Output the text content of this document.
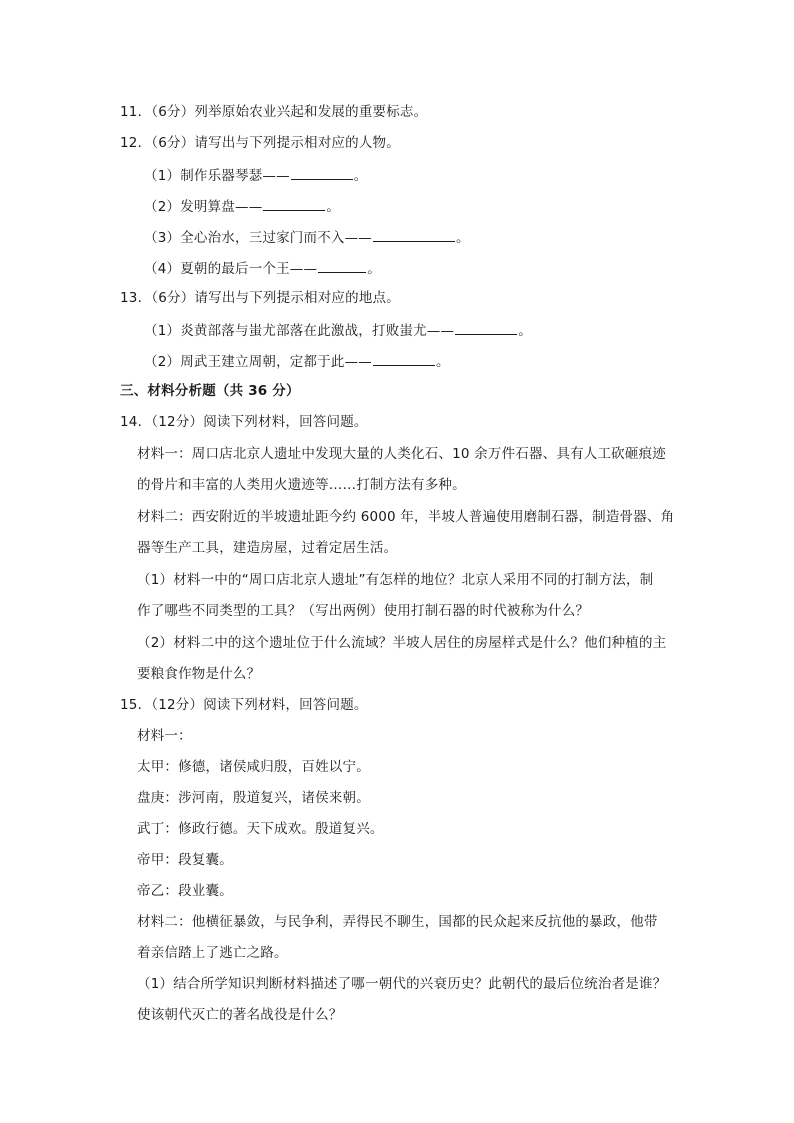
11．（6分）列举原始农业兴起和发展的重要标志。
12．（6分）请写出与下列提示相对应的人物。
（1）制作乐器琴瑟——	。
（2）发明算盘——	。
（3）全心治水，三过家门而不入——	。
（4）夏朝的最后一个王——	。
13．（6分）请写出与下列提示相对应的地点。
（1）炎黄部落与蚩尤部落在此激战，打败蚩尤——	。
（2）周武王建立周朝，定都于此——	。
三、材料分析题（共 36 分）
14．（12分）阅读下列材料，回答问题。
材料一：周口店北京人遗址中发现大量的人类化石、10 余万件石器、具有人工砍砸痕迹
的骨片和丰富的人类用火遗迹等……打制方法有多种。
材料二：西安附近的半坡遗址距今约 6000 年，半坡人普遍使用磨制石器，制造骨器、角
器等生产工具，建造房屋，过着定居生活。
（1）材料一中的“周口店北京人遗址”有怎样的地位？北京人采用不同的打制方法，制
作了哪些不同类型的工具？（写出两例）使用打制石器的时代被称为什么？
（2）材料二中的这个遗址位于什么流域？半坡人居住的房屋样式是什么？他们种植的主
要粮食作物是什么？
15．（12分）阅读下列材料，回答问题。
材料一：
太甲：修德，诸侯咸归殷，百姓以宁。
盘庚：涉河南，殷道复兴，诸侯来朝。
武丁：修政行德。天下成欢。殷道复兴。
帝甲：段复囊。
帝乙：段业囊。
材料二：他横征暴敛，与民争利，弄得民不聊生，国都的民众起来反抗他的暴政，他带
着亲信踏上了逃亡之路。
（1）结合所学知识判断材料描述了哪一朝代的兴衰历史？此朝代的最后位统治者是谁？
使该朝代灭亡的著名战役是什么？
